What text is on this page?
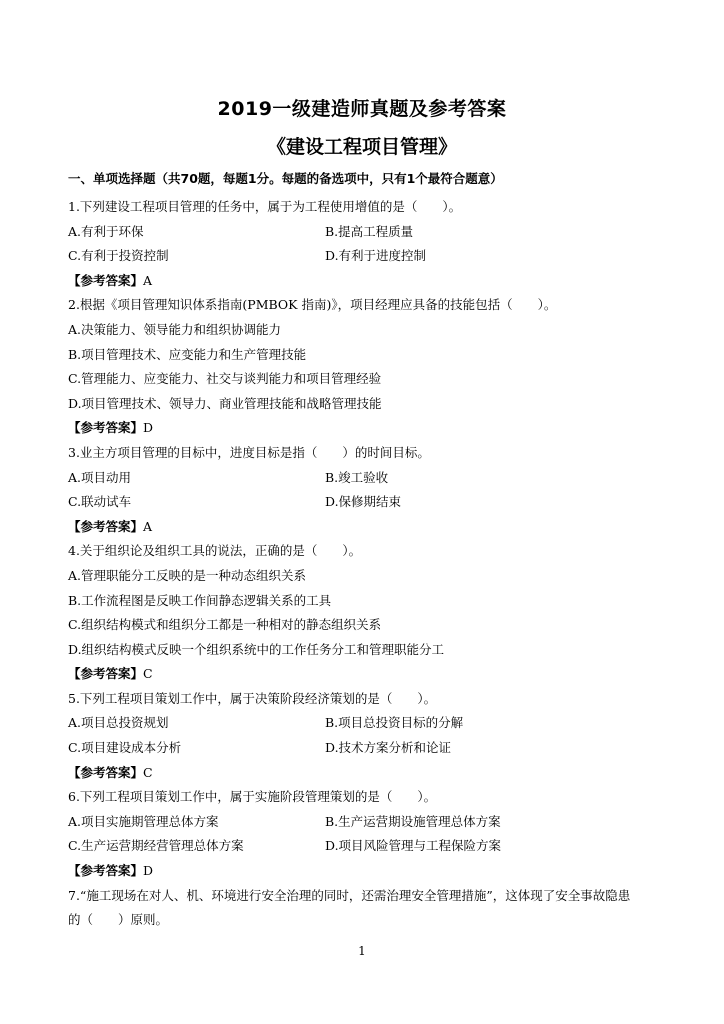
2019一级建造师真题及参考答案
《建设工程项目管理》
一、单项选择题（共70题，每题1分。每题的备选项中，只有1个最符合题意）
1.下列建设工程项目管理的任务中，属于为工程使用增值的是（　　）。
A.有利于环保	B.提高工程质量
C.有利于投资控制	D.有利于进度控制
【参考答案】A
2.根据《项目管理知识体系指南(PMBOK 指南)》，项目经理应具备的技能包括（　　）。
A.决策能力、领导能力和组织协调能力
B.项目管理技术、应变能力和生产管理技能
C.管理能力、应变能力、社交与谈判能力和项目管理经验
D.项目管理技术、领导力、商业管理技能和战略管理技能
【参考答案】D
3.业主方项目管理的目标中，进度目标是指（　　）的时间目标。
A.项目动用	B.竣工验收
C.联动试车	D.保修期结束
【参考答案】A
4.关于组织论及组织工具的说法，正确的是（　　）。
A.管理职能分工反映的是一种动态组织关系
B.工作流程图是反映工作间静态逻辑关系的工具
C.组织结构模式和组织分工都是一种相对的静态组织关系
D.组织结构模式反映一个组织系统中的工作任务分工和管理职能分工
【参考答案】C
5.下列工程项目策划工作中，属于决策阶段经济策划的是（　　）。
A.项目总投资规划	B.项目总投资目标的分解
C.项目建设成本分析	D.技术方案分析和论证
【参考答案】C
6.下列工程项目策划工作中，属于实施阶段管理策划的是（　　）。
A.项目实施期管理总体方案	B.生产运营期设施管理总体方案
C.生产运营期经营管理总体方案	D.项目风险管理与工程保险方案
【参考答案】D
7.“施工现场在对人、机、环境进行安全治理的同时，还需治理安全管理措施”，这体现了安全事故隐患
的（　　）原则。
1
